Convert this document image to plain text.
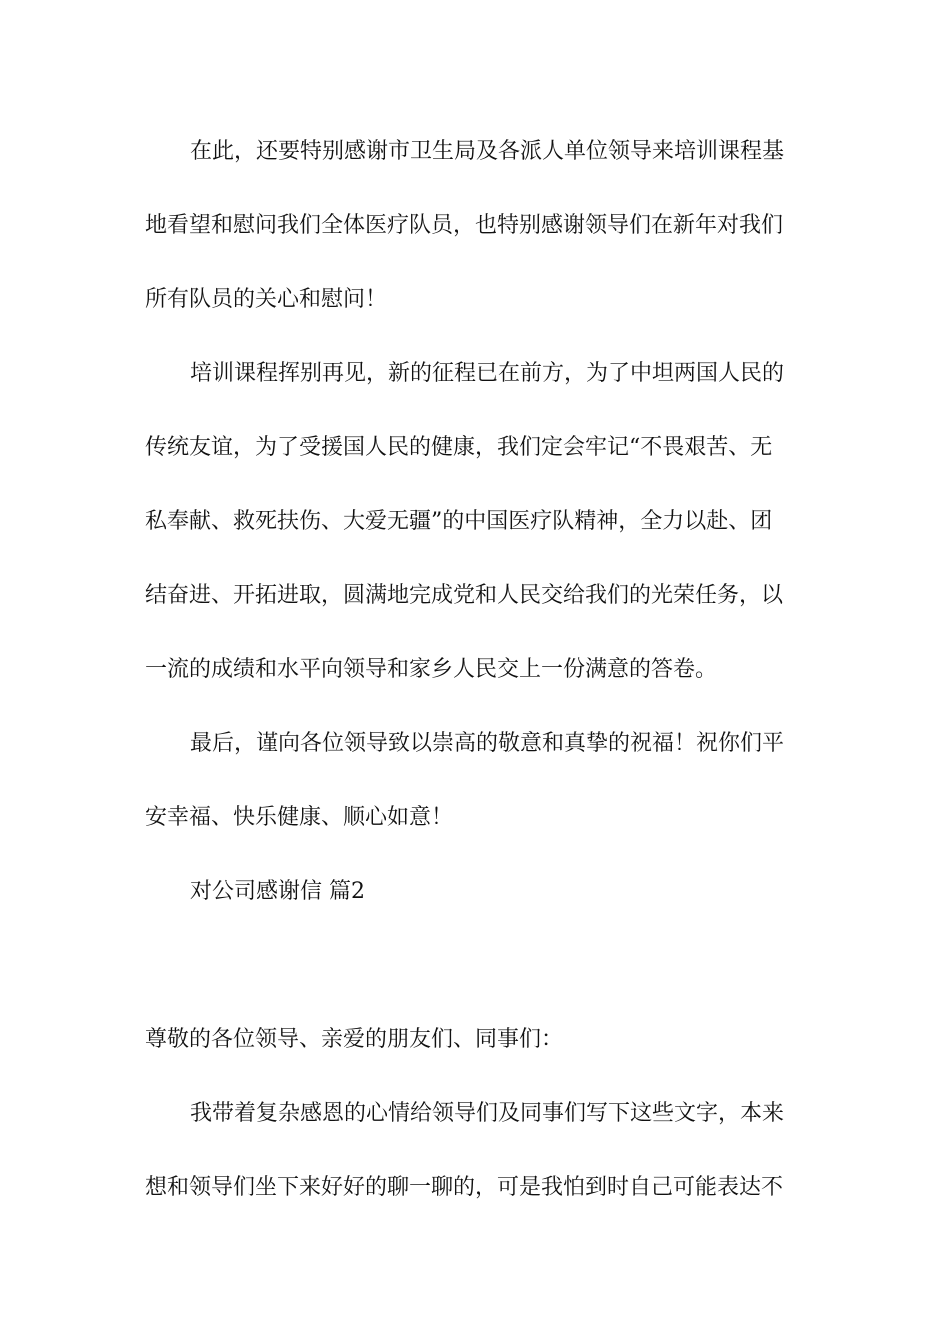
在此，还要特别感谢市卫生局及各派人单位领导来培训课程基
地看望和慰问我们全体医疗队员，也特别感谢领导们在新年对我们
所有队员的关心和慰问！
培训课程挥别再见，新的征程已在前方，为了中坦两国人民的
传统友谊，为了受援国人民的健康，我们定会牢记“不畏艰苦、无
私奉献、救死扶伤、大爱无疆”的中国医疗队精神，全力以赴、团
结奋进、开拓进取，圆满地完成党和人民交给我们的光荣任务，以
一流的成绩和水平向领导和家乡人民交上一份满意的答卷。
最后，谨向各位领导致以崇高的敬意和真挚的祝福！祝你们平
安幸福、快乐健康、顺心如意！
对公司感谢信 篇2
尊敬的各位领导、亲爱的朋友们、同事们：
我带着复杂感恩的心情给领导们及同事们写下这些文字，本来
想和领导们坐下来好好的聊一聊的，可是我怕到时自己可能表达不
